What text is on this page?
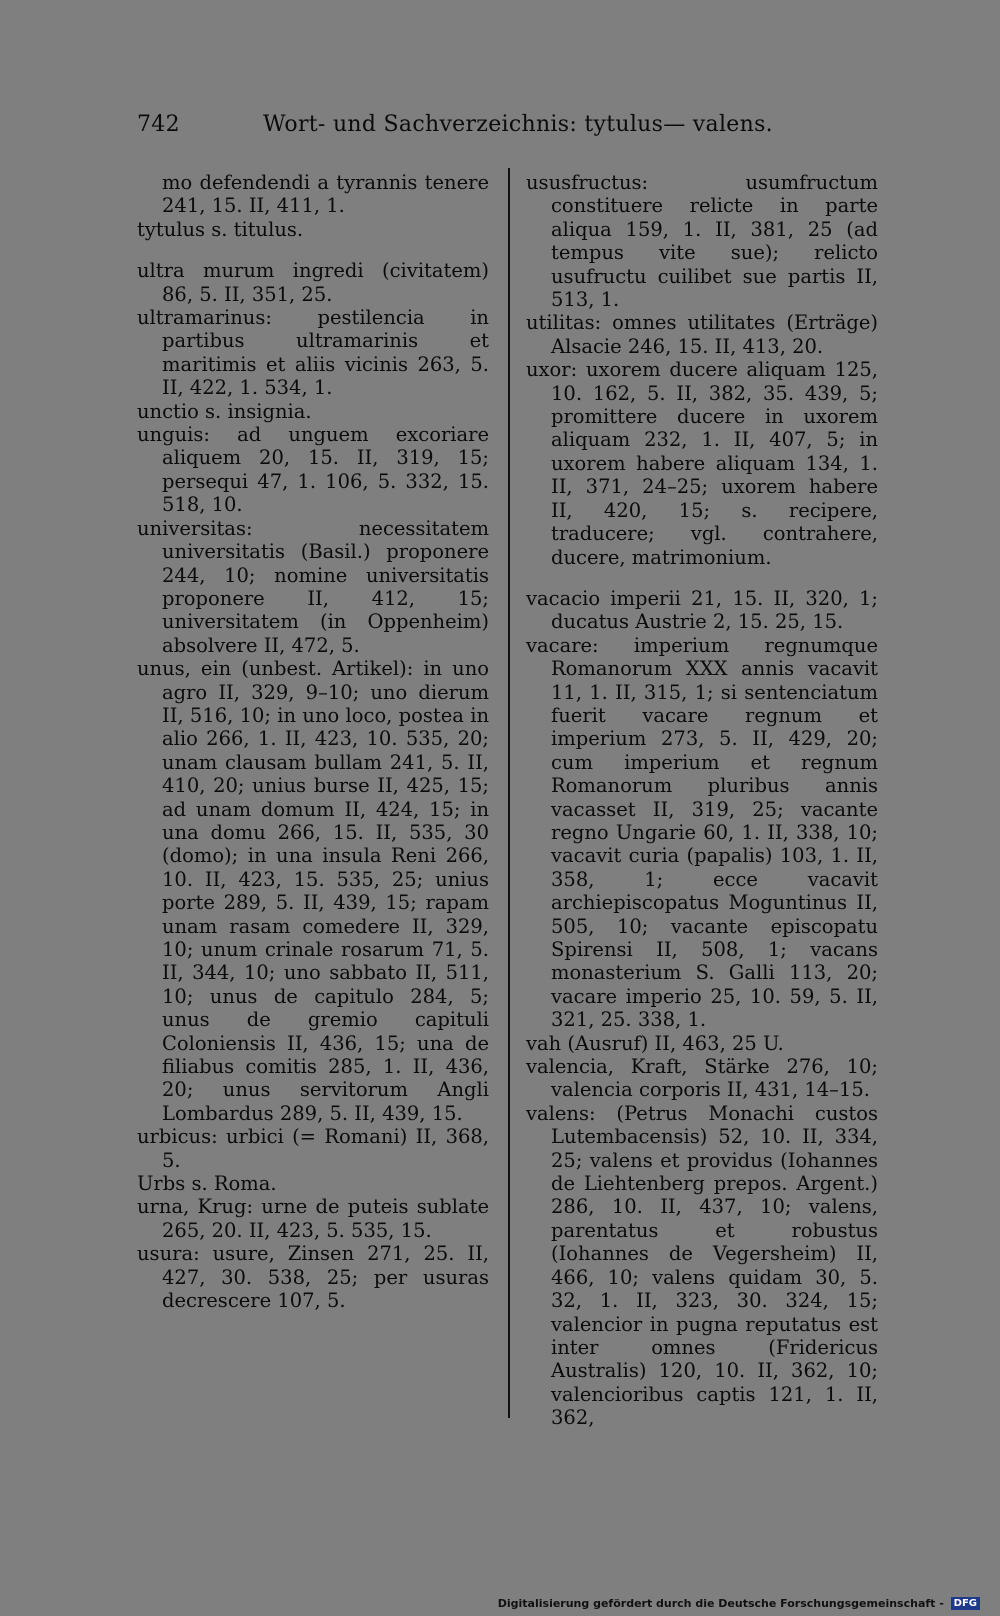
742	Wort- und Sachverzeichnis: tytulus— valens.

mo defendendi a tyrannis tenere 241, 15. II, 411, 1.

tytulus s. titulus.

ultra murum ingredi (civitatem) 86, 5. II, 351, 25.

ultramarinus: pestilencia in partibus ultramarinis et maritimis et aliis vicinis 263, 5. II, 422, 1. 534, 1.

unctio s. insignia.

unguis: ad unguem excoriare aliquem 20, 15. II, 319, 15; persequi 47, 1. 106, 5. 332, 15. 518, 10.

universitas: necessitatem universitatis (Basil.) proponere 244, 10; nomine universitatis proponere II, 412, 15; universitatem (in Oppenheim) absolvere II, 472, 5.

unus, ein (unbest. Artikel): in uno agro II, 329, 9–10; uno dierum II, 516, 10; in uno loco, postea in alio 266, 1. II, 423, 10. 535, 20; unam clausam bullam 241, 5. II, 410, 20; unius burse II, 425, 15; ad unam domum II, 424, 15; in una domu 266, 15. II, 535, 30 (domo); in una insula Reni 266, 10. II, 423, 15. 535, 25; unius porte 289, 5. II, 439, 15; rapam unam rasam comedere II, 329, 10; unum crinale rosarum 71, 5. II, 344, 10; uno sabbato II, 511, 10; unus de capitulo 284, 5; unus de gremio capituli Coloniensis II, 436, 15; una de filiabus comitis 285, 1. II, 436, 20; unus servitorum Angli Lombardus 289, 5. II, 439, 15.

urbicus: urbici (= Romani) II, 368, 5.

Urbs s. Roma.

urna, Krug: urne de puteis sublate 265, 20. II, 423, 5. 535, 15.

usura: usure, Zinsen 271, 25. II, 427, 30. 538, 25; per usuras decrescere 107, 5.

ususfructus: usumfructum constituere relicte in parte aliqua 159, 1. II, 381, 25 (ad tempus vite sue); relicto usufructu cuilibet sue partis II, 513, 1.

utilitas: omnes utilitates (Erträge) Alsacie 246, 15. II, 413, 20.

uxor: uxorem ducere aliquam 125, 10. 162, 5. II, 382, 35. 439, 5; promittere ducere in uxorem aliquam 232, 1. II, 407, 5; in uxorem habere aliquam 134, 1. II, 371, 24–25; uxorem habere II, 420, 15; s. recipere, traducere; vgl. contrahere, ducere, matrimonium.

vacacio imperii 21, 15. II, 320, 1; ducatus Austrie 2, 15. 25, 15.

vacare: imperium regnumque Romanorum XXX annis vacavit 11, 1. II, 315, 1; si sentenciatum fuerit vacare regnum et imperium 273, 5. II, 429, 20; cum imperium et regnum Romanorum pluribus annis vacasset II, 319, 25; vacante regno Ungarie 60, 1. II, 338, 10; vacavit curia (papalis) 103, 1. II, 358, 1; ecce vacavit archiepiscopatus Moguntinus II, 505, 10; vacante episcopatu Spirensi II, 508, 1; vacans monasterium S. Galli 113, 20; vacare imperio 25, 10. 59, 5. II, 321, 25. 338, 1.

vah (Ausruf) II, 463, 25 U.

valencia, Kraft, Stärke 276, 10; valencia corporis II, 431, 14–15.

valens: (Petrus Monachi custos Lutembacensis) 52, 10. II, 334, 25; valens et providus (Iohannes de Liehtenberg prepos. Argent.) 286, 10. II, 437, 10; valens, parentatus et robustus (Iohannes de Vegersheim) II, 466, 10; valens quidam 30, 5. 32, 1. II, 323, 30. 324, 15; valencior in pugna reputatus est inter omnes (Fridericus Australis) 120, 10. II, 362, 10; valencioribus captis 121, 1. II, 362,

Digitalisierung gefördert durch die Deutsche Forschungsgemeinschaft - DFG
